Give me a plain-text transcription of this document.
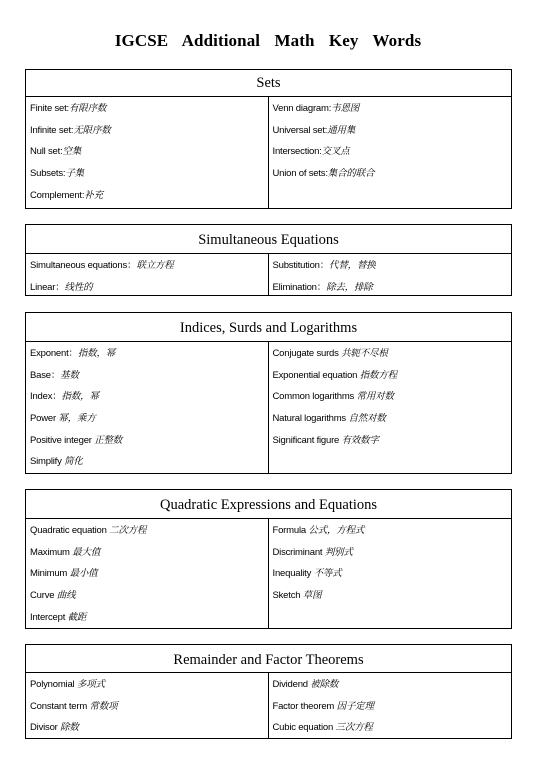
IGCSE Additional Math Key Words
Sets
Finite set:有限序数
Infinite set:无限序数
Null set:空集
Subsets:子集
Complement:补充
Venn diagram:韦恩图
Universal set:通用集
Intersection:交叉点
Union of sets:集合的联合
Simultaneous Equations
Simultaneous equations：联立方程
Linear：线性的
Substitution：代替，替换
Elimination：除去，排除
Indices, Surds and Logarithms
Exponent：指数，幂
Base：基数
Index：指数，幂
Power 幂，乘方
Positive integer 正整数
Simplify 简化
Conjugate surds 共轭不尽根
Exponential equation 指数方程
Common logarithms 常用对数
Natural logarithms 自然对数
Significant figure 有效数字
Quadratic Expressions and Equations
Quadratic equation 二次方程
Maximum 最大值
Minimum 最小值
Curve 曲线
Intercept 截距
Formula 公式，方程式
Discriminant 判别式
Inequality 不等式
Sketch 草图
Remainder and Factor Theorems
Polynomial 多项式
Constant term 常数项
Divisor 除数
Dividend 被除数
Factor theorem 因子定理
Cubic equation 三次方程
